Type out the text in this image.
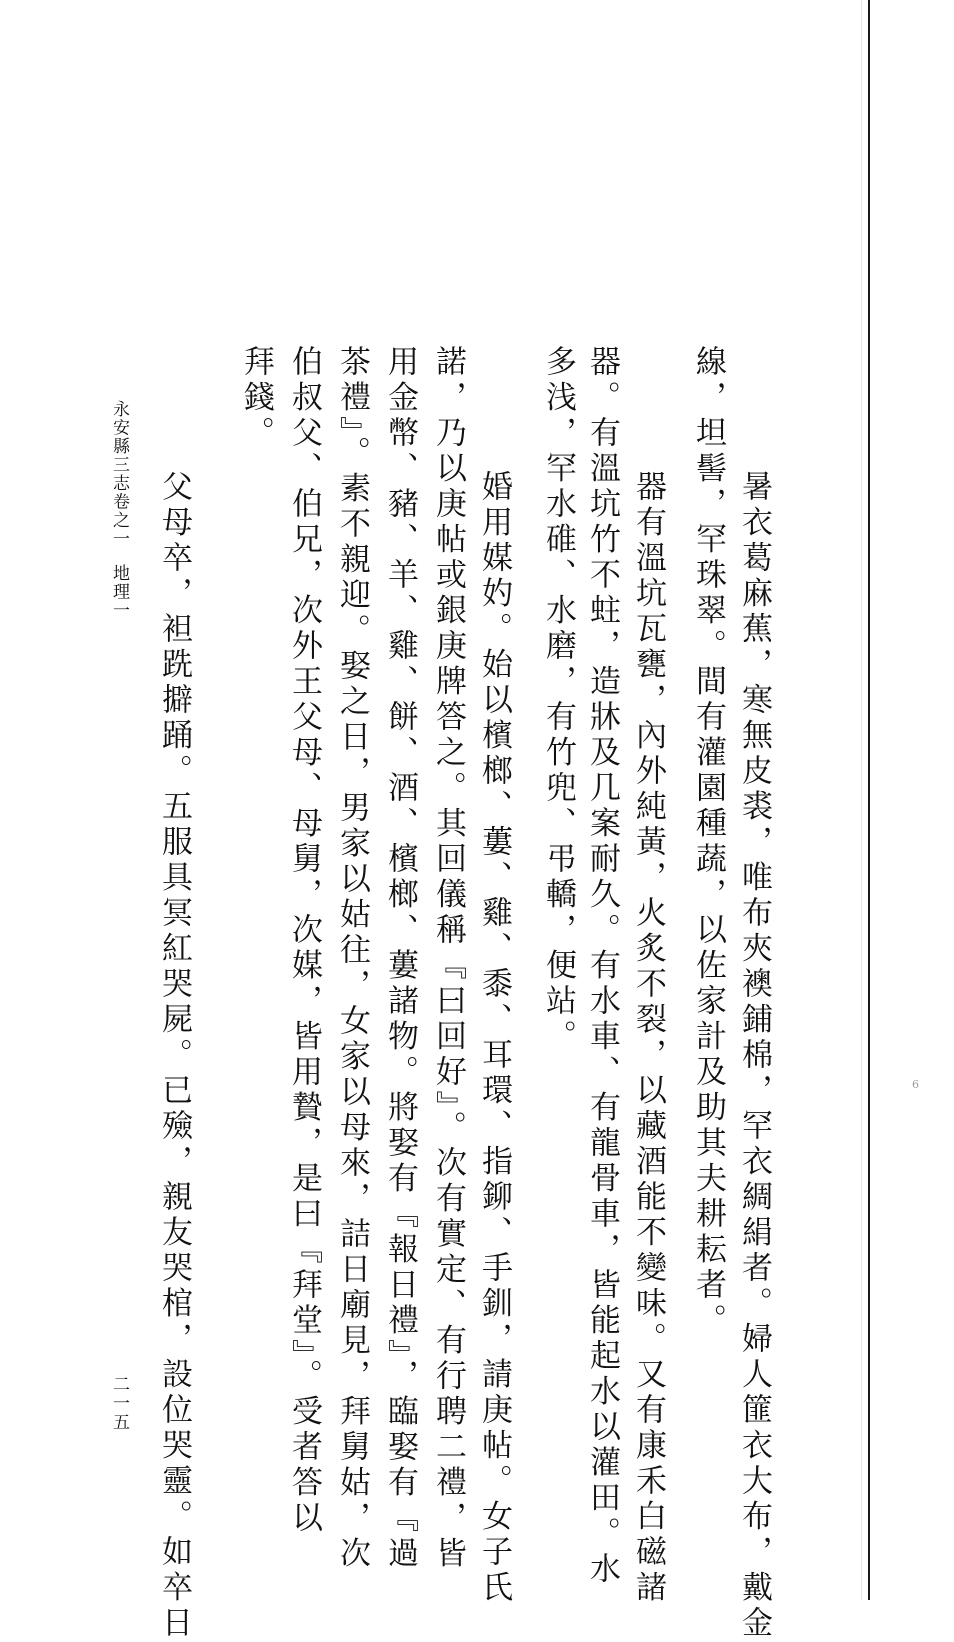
暑衣葛麻蕉，寒無皮裘，唯布夾襖鋪棉，罕衣綢絹者。婦人篚衣大布，戴金
線，坦髻，罕珠翠。間有灌園種蔬，以佐家計及助其夫耕耘者。
器有溫坑瓦甕，內外純黃，火炙不裂，以藏酒能不變味。又有康禾白磁諸
器。有溫坑竹不蛀，造牀及几案耐久。有水車、有龍骨車，皆能起水以灌田。水
多浅，罕水碓、水磨，有竹兜、弔轎，便站。
婚用媒妁。始以檳榔、蔞、雞、黍、耳環、指鉚、手釧，請庚帖。女子氏
諾，乃以庚帖或銀庚牌答之。其回儀稱『曰回好』。次有實定、有行聘二禮，皆
用金幣、豬、羊、雞、餅、酒、檳榔、蔞諸物。將娶有『報日禮』，臨娶有『過
茶禮』。素不親迎。娶之日，男家以姑往，女家以母來，詰日廟見，拜舅姑，次
伯叔父、伯兄，次外王父母、母舅，次媒，皆用贄，是曰『拜堂』。受者答以
拜錢。
父母卒，袒跣擗踊。五服具冥紅哭屍。已殮，親友哭棺，設位哭靈。如卒日
永安縣三志卷之一地理一
二一五
6
